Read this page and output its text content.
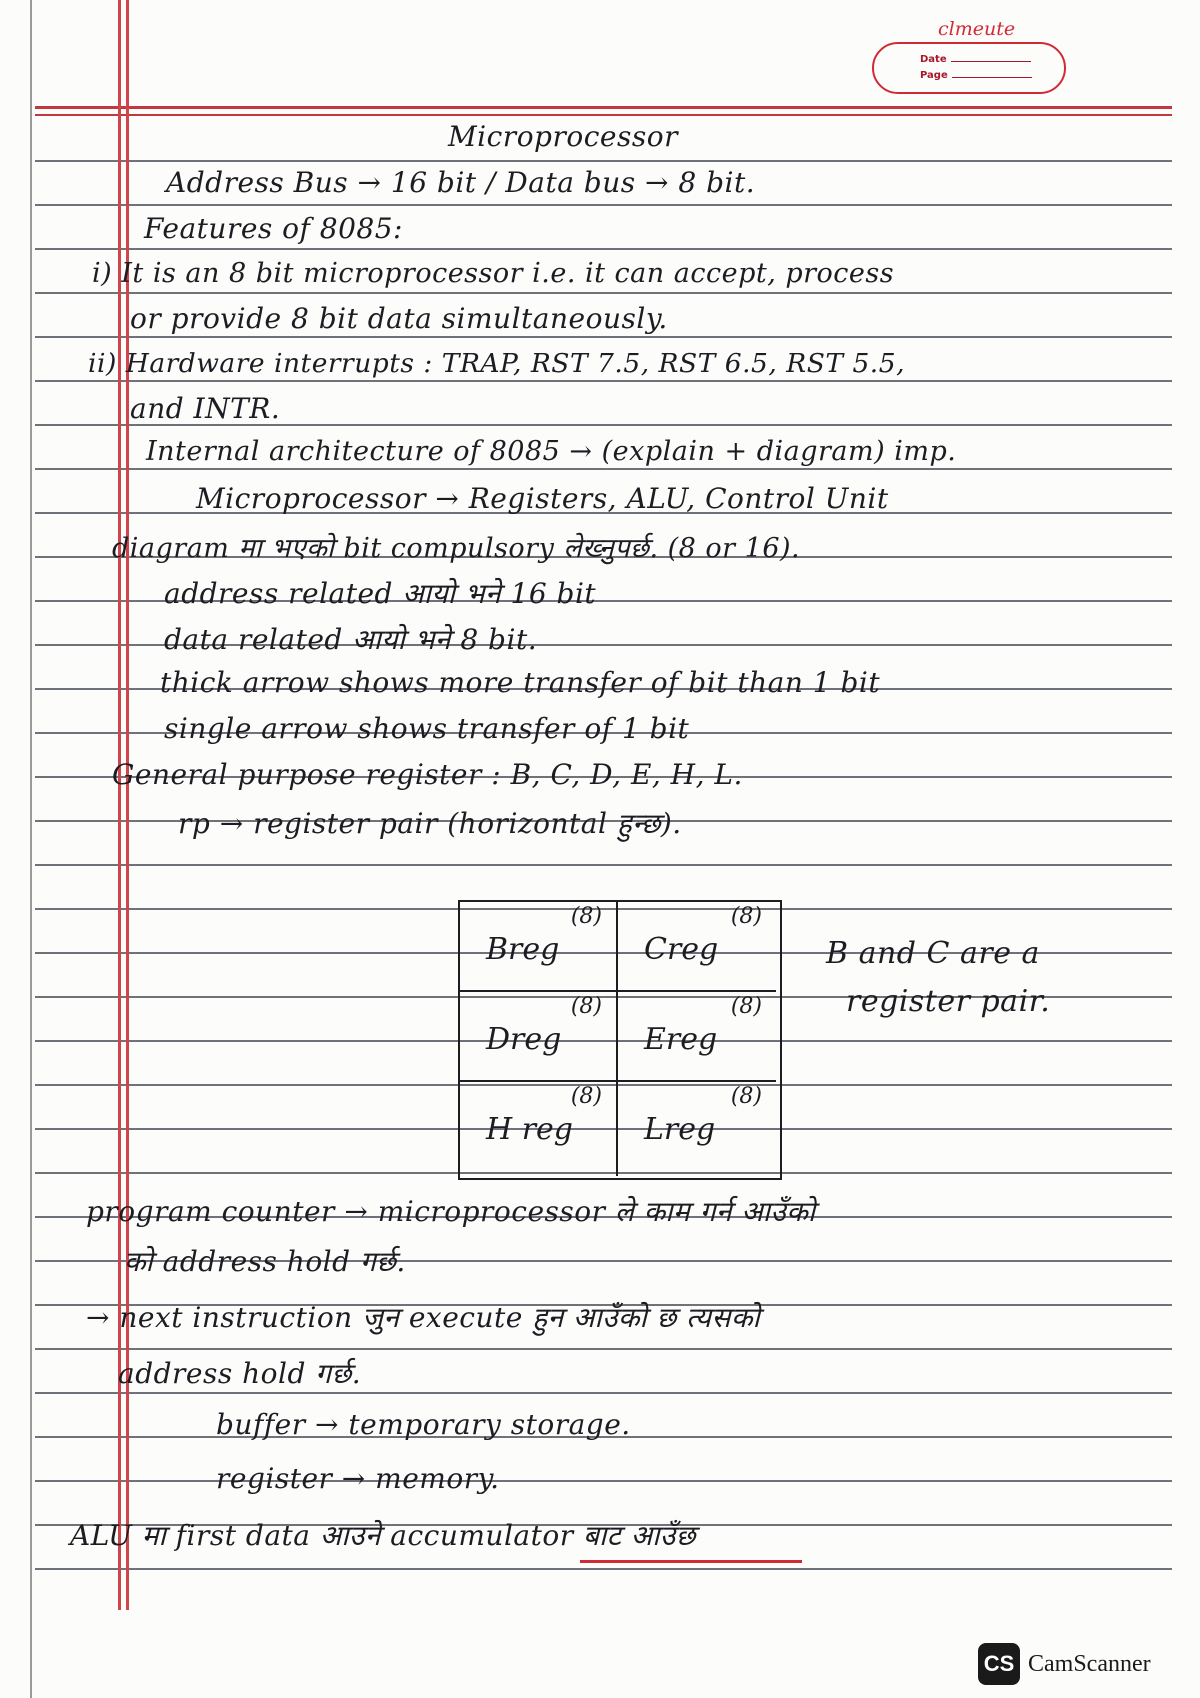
clmeute
Date
Page
Microprocessor
Address Bus → 16 bit / Data bus → 8 bit.
Features of 8085:
i) It is an 8 bit microprocessor i.e. it can accept, process
or provide 8 bit data simultaneously.
ii) Hardware interrupts : TRAP, RST 7.5, RST 6.5, RST 5.5,
and INTR.
Internal architecture of 8085 → (explain + diagram) imp.
Microprocessor → Registers, ALU, Control Unit
diagram मा भएको bit compulsory लेख्नुपर्छ. (8 or 16).
address related आयो भने 16 bit
data related आयो भने 8 bit.
thick arrow shows more transfer of bit than 1 bit
single arrow shows transfer of 1 bit
General purpose register : B, C, D, E, H, L.
rp → register pair (horizontal हुन्छ).
(8)
Breg
(8)
Creg
(8)
Dreg
(8)
Ereg
(8)
H reg
(8)
Lreg
B and C are a
register pair.
program counter → microprocessor ले काम गर्न आउँको
को address hold गर्छ.
→ next instruction जुन execute हुन आउँको छ त्यसको
address hold गर्छ.
buffer → temporary storage.
register → memory.
ALU मा first data आउने accumulator बाट आउँछ
CS CamScanner
